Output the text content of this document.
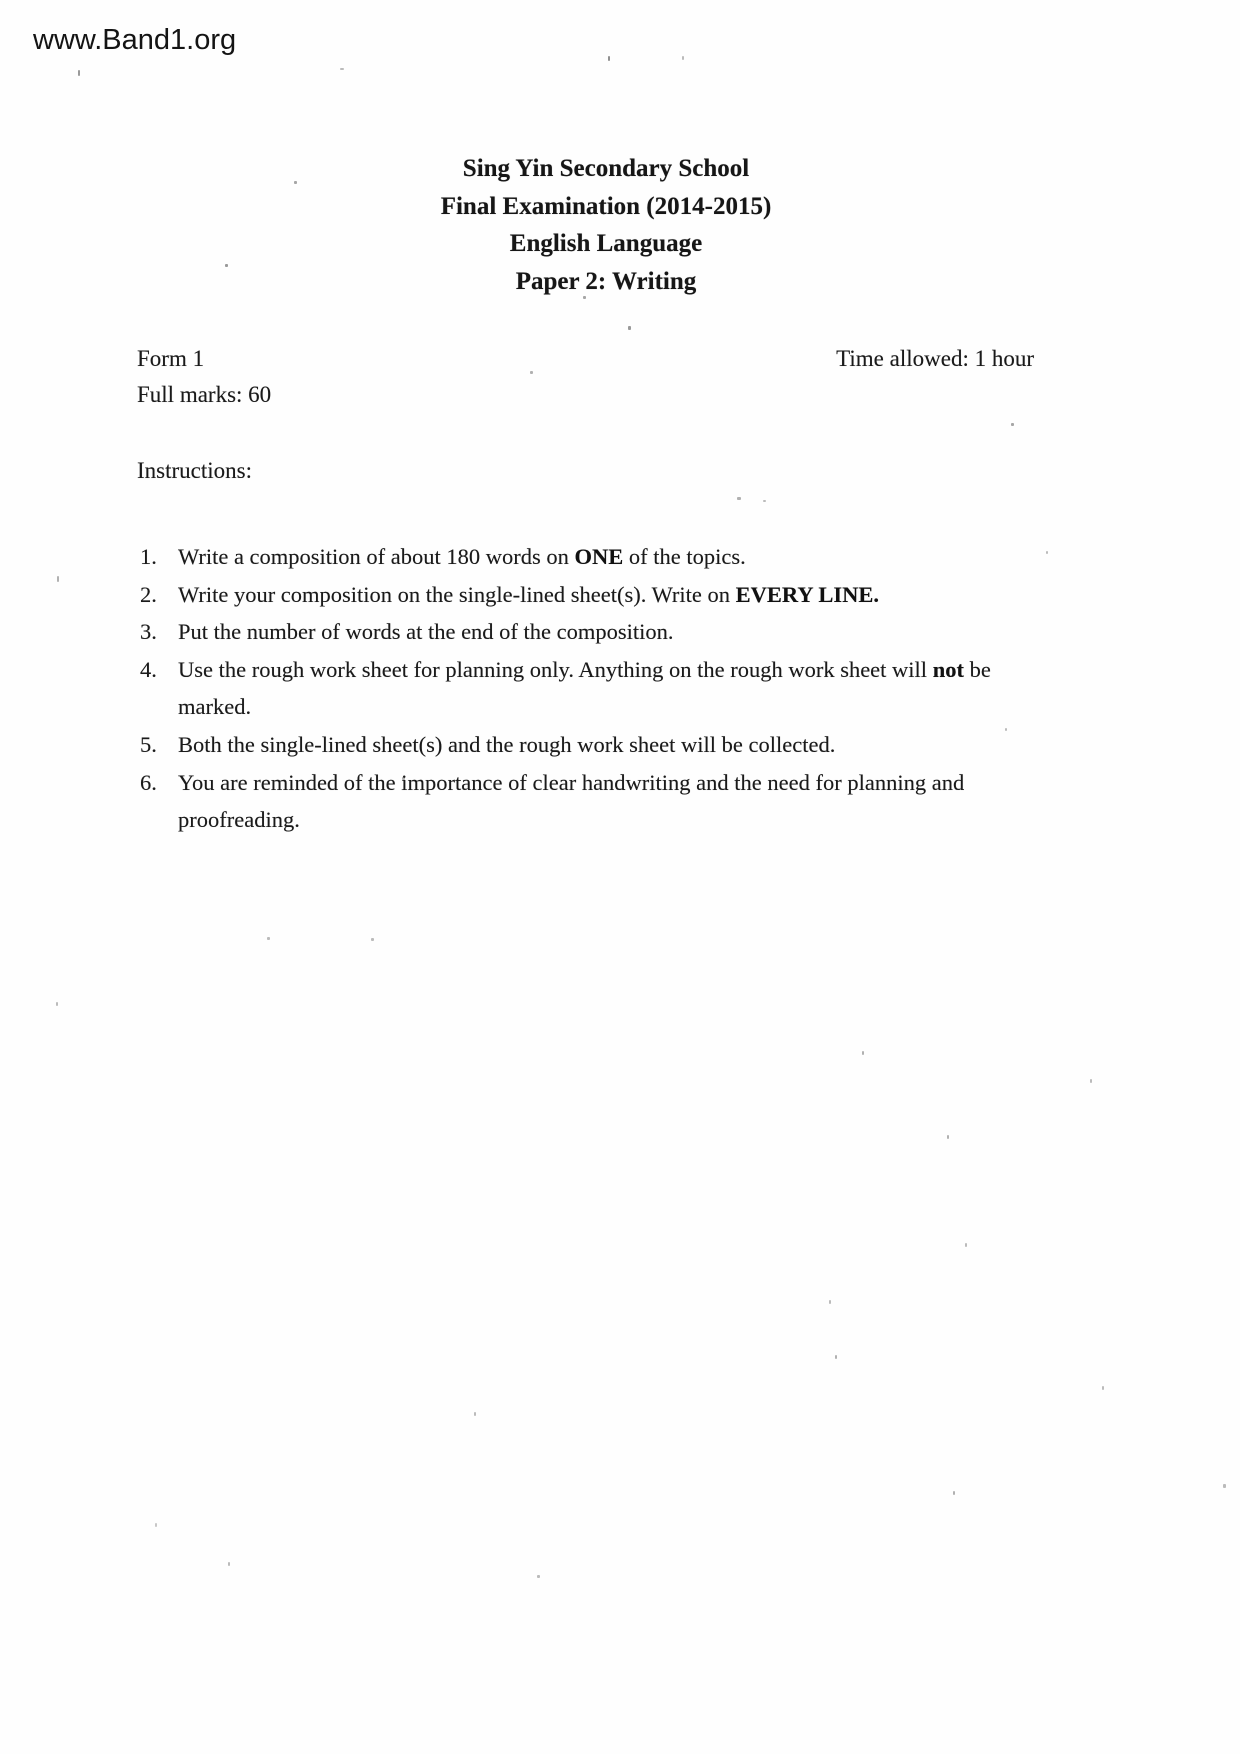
www.Band1.org
Sing Yin Secondary School
Final Examination (2014-2015)
English Language
Paper 2: Writing
Form 1	Time allowed: 1 hour
Full marks: 60
Instructions:
1. Write a composition of about 180 words on ONE of the topics.
2. Write your composition on the single-lined sheet(s). Write on EVERY LINE.
3. Put the number of words at the end of the composition.
4. Use the rough work sheet for planning only. Anything on the rough work sheet will not be marked.
5. Both the single-lined sheet(s) and the rough work sheet will be collected.
6. You are reminded of the importance of clear handwriting and the need for planning and proofreading.
